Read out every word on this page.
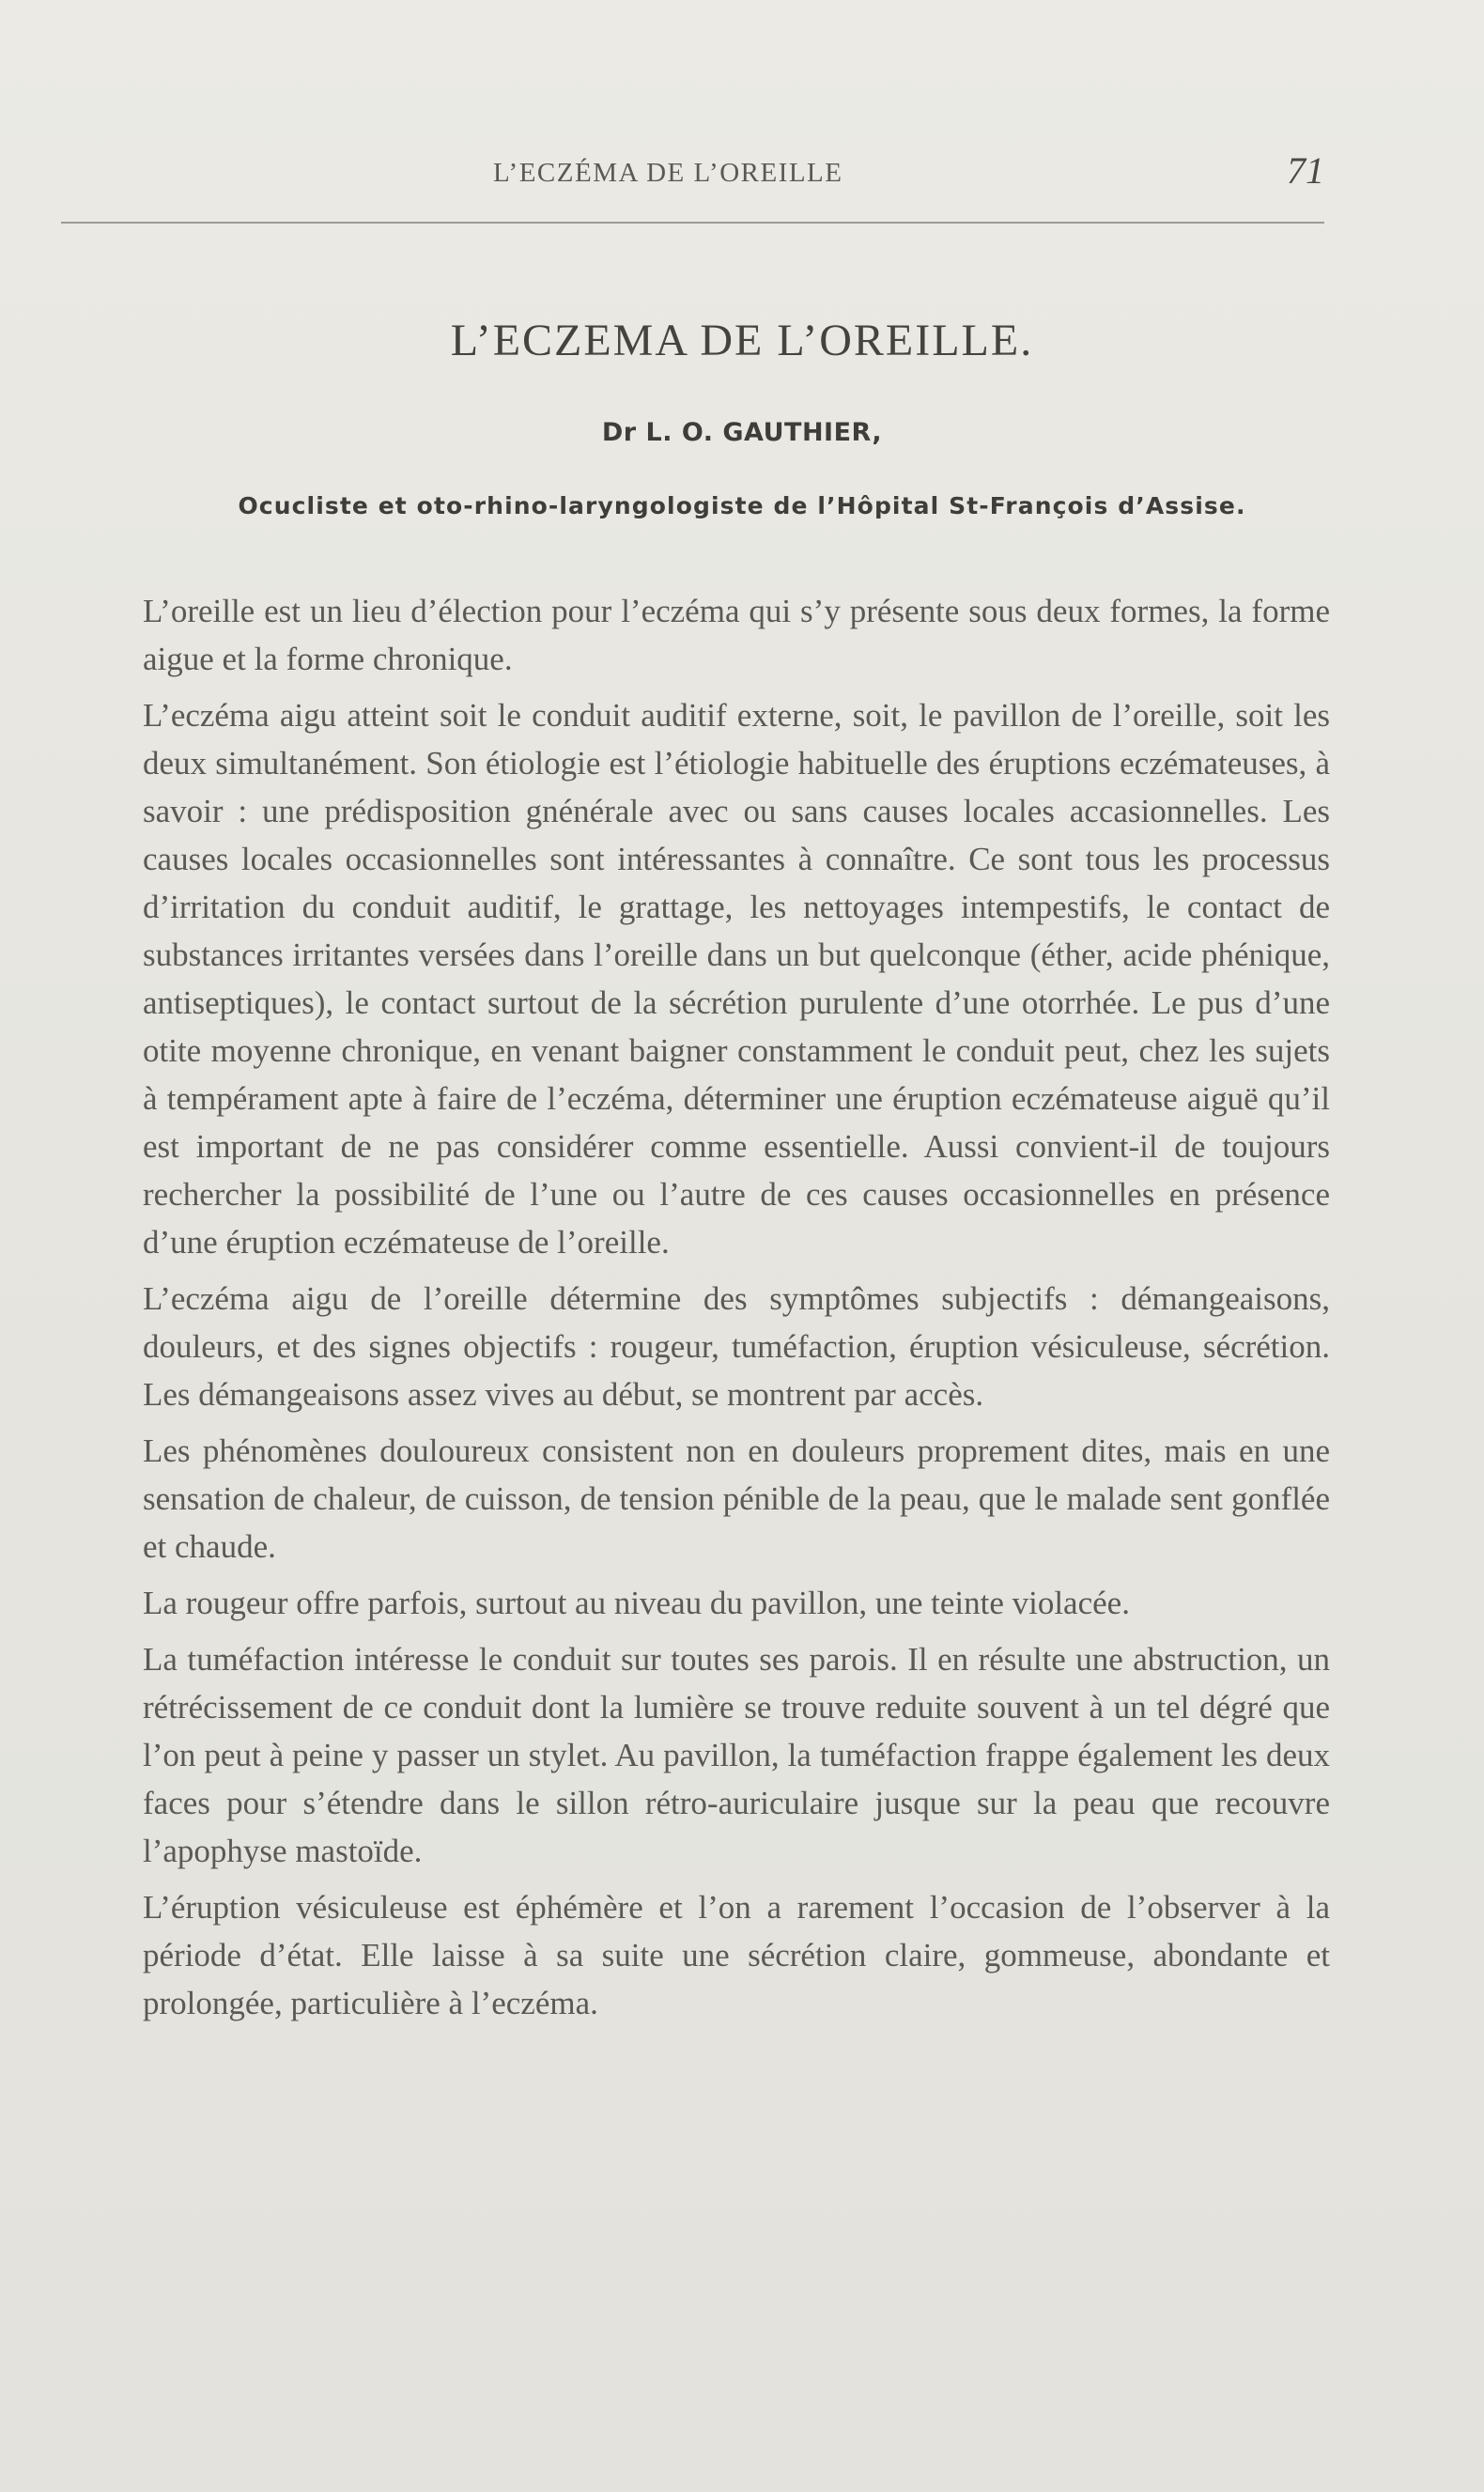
L’ECZÉMA DE L’OREILLE	71
L’ECZEMA DE L’OREILLE.
Dr L. O. GAUTHIER,
Ocucliste et oto-rhino-laryngologiste de l’Hôpital St-François d’Assise.

L’oreille est un lieu d’élection pour l’eczéma qui s’y présente sous deux formes, la forme aigue et la forme chronique.

L’eczéma aigu atteint soit le conduit auditif externe, soit, le pavillon de l’oreille, soit les deux simultanément. Son étiologie est l’étiologie habituelle des éruptions eczémateuses, à savoir : une prédisposition gnénérale avec ou sans causes locales accasionnelles. Les causes locales occasionnelles sont intéressantes à connaître. Ce sont tous les processus d’irritation du conduit auditif, le grattage, les nettoyages intempestifs, le contact de substances irritantes versées dans l’oreille dans un but quelconque (éther, acide phénique, antiseptiques), le contact surtout de la sécrétion purulente d’une otorrhée. Le pus d’une otite moyenne chronique, en venant baigner constamment le conduit peut, chez les sujets à tempérament apte à faire de l’eczéma, déterminer une éruption eczémateuse aiguë qu’il est important de ne pas considérer comme essentielle. Aussi convient-il de toujours rechercher la possibilité de l’une ou l’autre de ces causes occasionnelles en présence d’une éruption eczémateuse de l’oreille.

L’eczéma aigu de l’oreille détermine des symptômes subjectifs : démangeaisons, douleurs, et des signes objectifs : rougeur, tuméfaction, éruption vésiculeuse, sécrétion. Les démangeaisons assez vives au début, se montrent par accès.

Les phénomènes douloureux consistent non en douleurs proprement dites, mais en une sensation de chaleur, de cuisson, de tension pénible de la peau, que le malade sent gonflée et chaude.

La rougeur offre parfois, surtout au niveau du pavillon, une teinte violacée.

La tuméfaction intéresse le conduit sur toutes ses parois. Il en résulte une abstruction, un rétrécissement de ce conduit dont la lumière se trouve reduite souvent à un tel dégré que l’on peut à peine y passer un stylet. Au pavillon, la tuméfaction frappe également les deux faces pour s’étendre dans le sillon rétro-auriculaire jusque sur la peau que recouvre l’apophyse mastoïde.

L’éruption vésiculeuse est éphémère et l’on a rarement l’occasion de l’observer à la période d’état. Elle laisse à sa suite une sécrétion claire, gommeuse, abondante et prolongée, particulière à l’eczéma.
